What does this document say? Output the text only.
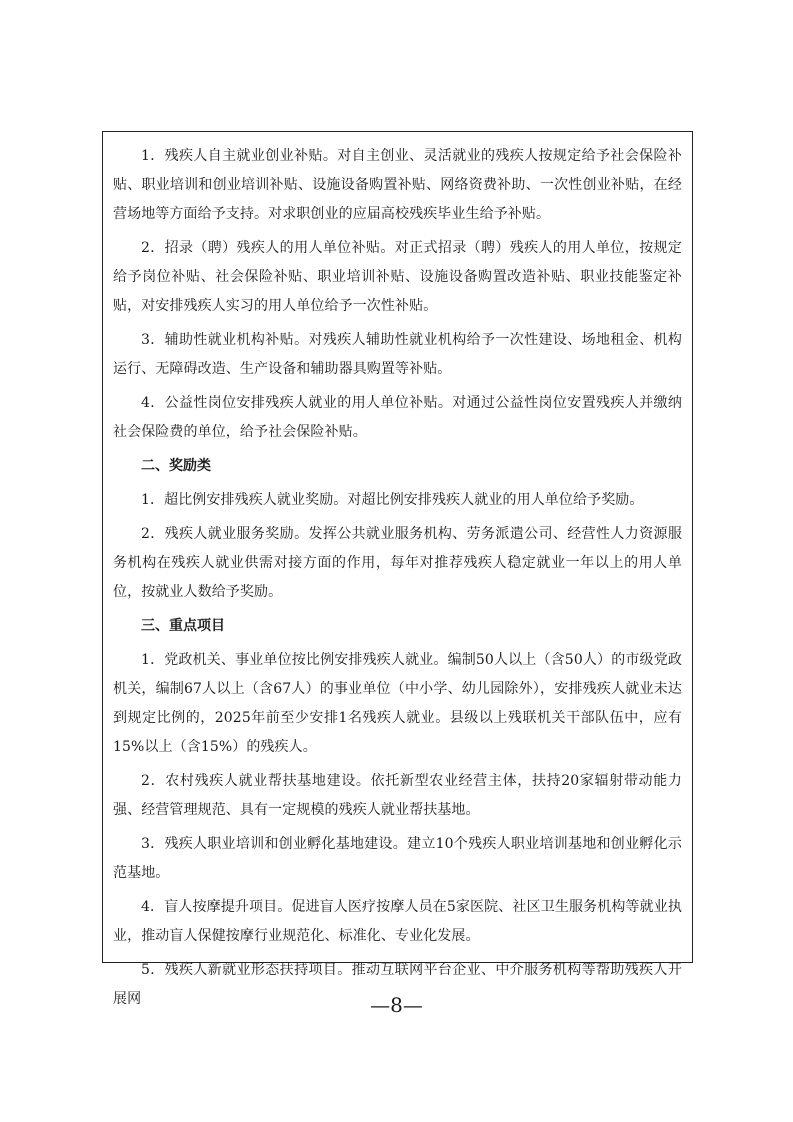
1．残疾人自主就业创业补贴。对自主创业、灵活就业的残疾人按规定给予社会保险补贴、职业培训和创业培训补贴、设施设备购置补贴、网络资费补助、一次性创业补贴，在经营场地等方面给予支持。对求职创业的应届高校残疾毕业生给予补贴。

2．招录（聘）残疾人的用人单位补贴。对正式招录（聘）残疾人的用人单位，按规定给予岗位补贴、社会保险补贴、职业培训补贴、设施设备购置改造补贴、职业技能鉴定补贴，对安排残疾人实习的用人单位给予一次性补贴。

3．辅助性就业机构补贴。对残疾人辅助性就业机构给予一次性建设、场地租金、机构运行、无障碍改造、生产设备和辅助器具购置等补贴。

4．公益性岗位安排残疾人就业的用人单位补贴。对通过公益性岗位安置残疾人并缴纳社会保险费的单位，给予社会保险补贴。

二、奖励类

1．超比例安排残疾人就业奖励。对超比例安排残疾人就业的用人单位给予奖励。

2．残疾人就业服务奖励。发挥公共就业服务机构、劳务派遣公司、经营性人力资源服务机构在残疾人就业供需对接方面的作用，每年对推荐残疾人稳定就业一年以上的用人单位，按就业人数给予奖励。

三、重点项目

1．党政机关、事业单位按比例安排残疾人就业。编制50人以上（含50人）的市级党政机关，编制67人以上（含67人）的事业单位（中小学、幼儿园除外），安排残疾人就业未达到规定比例的，2025年前至少安排1名残疾人就业。县级以上残联机关干部队伍中，应有15%以上（含15%）的残疾人。

2．农村残疾人就业帮扶基地建设。依托新型农业经营主体，扶持20家辐射带动能力强、经营管理规范、具有一定规模的残疾人就业帮扶基地。

3．残疾人职业培训和创业孵化基地建设。建立10个残疾人职业培训基地和创业孵化示范基地。

4．盲人按摩提升项目。促进盲人医疗按摩人员在5家医院、社区卫生服务机构等就业执业，推动盲人保健按摩行业规范化、标准化、专业化发展。

5．残疾人新就业形态扶持项目。推动互联网平台企业、中介服务机构等帮助残疾人开展网	—8—
